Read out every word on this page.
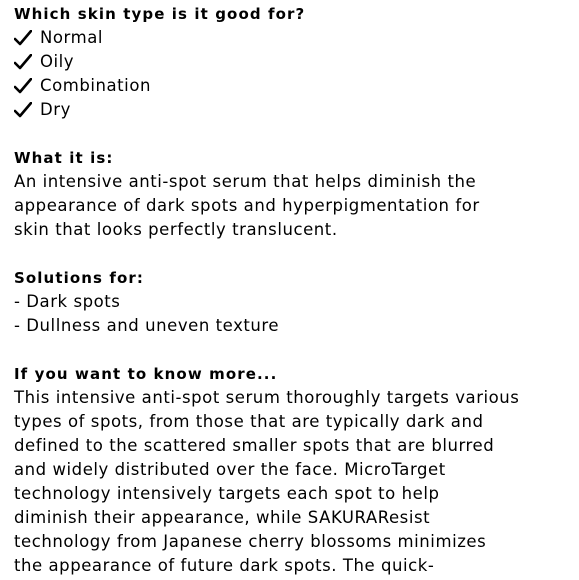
Which skin type is it good for?
Normal
Oily
Combination
Dry
What it is:

An intensive anti-spot serum that helps diminish the

appearance of dark spots and hyperpigmentation for

skin that looks perfectly translucent.

Solutions for:

- Dark spots

- Dullness and uneven texture

If you want to know more...

This intensive anti-spot serum thoroughly targets various

types of spots, from those that are typically dark and

defined to the scattered smaller spots that are blurred

and widely distributed over the face. MicroTarget

technology intensively targets each spot to help

diminish their appearance, while SAKURAResist

technology from Japanese cherry blossoms minimizes

the appearance of future dark spots. The quick-
